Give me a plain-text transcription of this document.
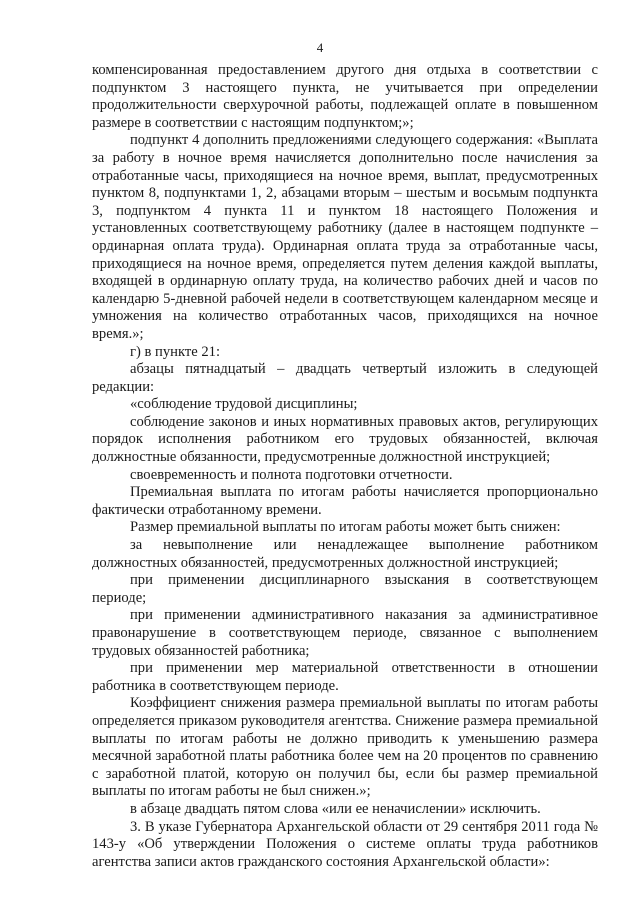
4

компенсированная предоставлением другого дня отдыха в соответствии с подпунктом 3 настоящего пункта, не учитывается при определении продолжительности сверхурочной работы, подлежащей оплате в повышенном размере в соответствии с настоящим подпунктом;»;

подпункт 4 дополнить предложениями следующего содержания: «Выплата за работу в ночное время начисляется дополнительно после начисления за отработанные часы, приходящиеся на ночное время, выплат, предусмотренных пунктом 8, подпунктами 1, 2, абзацами вторым – шестым и восьмым подпункта 3, подпунктом 4 пункта 11 и пунктом 18 настоящего Положения и установленных соответствующему работнику (далее в настоящем подпункте – ординарная оплата труда). Ординарная оплата труда за отработанные часы, приходящиеся на ночное время, определяется путем деления каждой выплаты, входящей в ординарную оплату труда, на количество рабочих дней и часов по календарю 5-дневной рабочей недели в соответствующем календарном месяце и умножения на количество отработанных часов, приходящихся на ночное время.»;

г) в пункте 21:

абзацы пятнадцатый – двадцать четвертый изложить в следующей редакции:

«соблюдение трудовой дисциплины;

соблюдение законов и иных нормативных правовых актов, регулирующих порядок исполнения работником его трудовых обязанностей, включая должностные обязанности, предусмотренные должностной инструкцией;

своевременность и полнота подготовки отчетности.

Премиальная выплата по итогам работы начисляется пропорционально фактически отработанному времени.

Размер премиальной выплаты по итогам работы может быть снижен:

за невыполнение или ненадлежащее выполнение работником должностных обязанностей, предусмотренных должностной инструкцией;

при применении дисциплинарного взыскания в соответствующем периоде;

при применении административного наказания за административное правонарушение в соответствующем периоде, связанное с выполнением трудовых обязанностей работника;

при применении мер материальной ответственности в отношении работника в соответствующем периоде.

Коэффициент снижения размера премиальной выплаты по итогам работы определяется приказом руководителя агентства. Снижение размера премиальной выплаты по итогам работы не должно приводить к уменьшению размера месячной заработной платы работника более чем на 20 процентов по сравнению с заработной платой, которую он получил бы, если бы размер премиальной выплаты по итогам работы не был снижен.»;

в абзаце двадцать пятом слова «или ее неначислении» исключить.

3. В указе Губернатора Архангельской области от 29 сентября 2011 года № 143-у «Об утверждении Положения о системе оплаты труда работников агентства записи актов гражданского состояния Архангельской области»:
